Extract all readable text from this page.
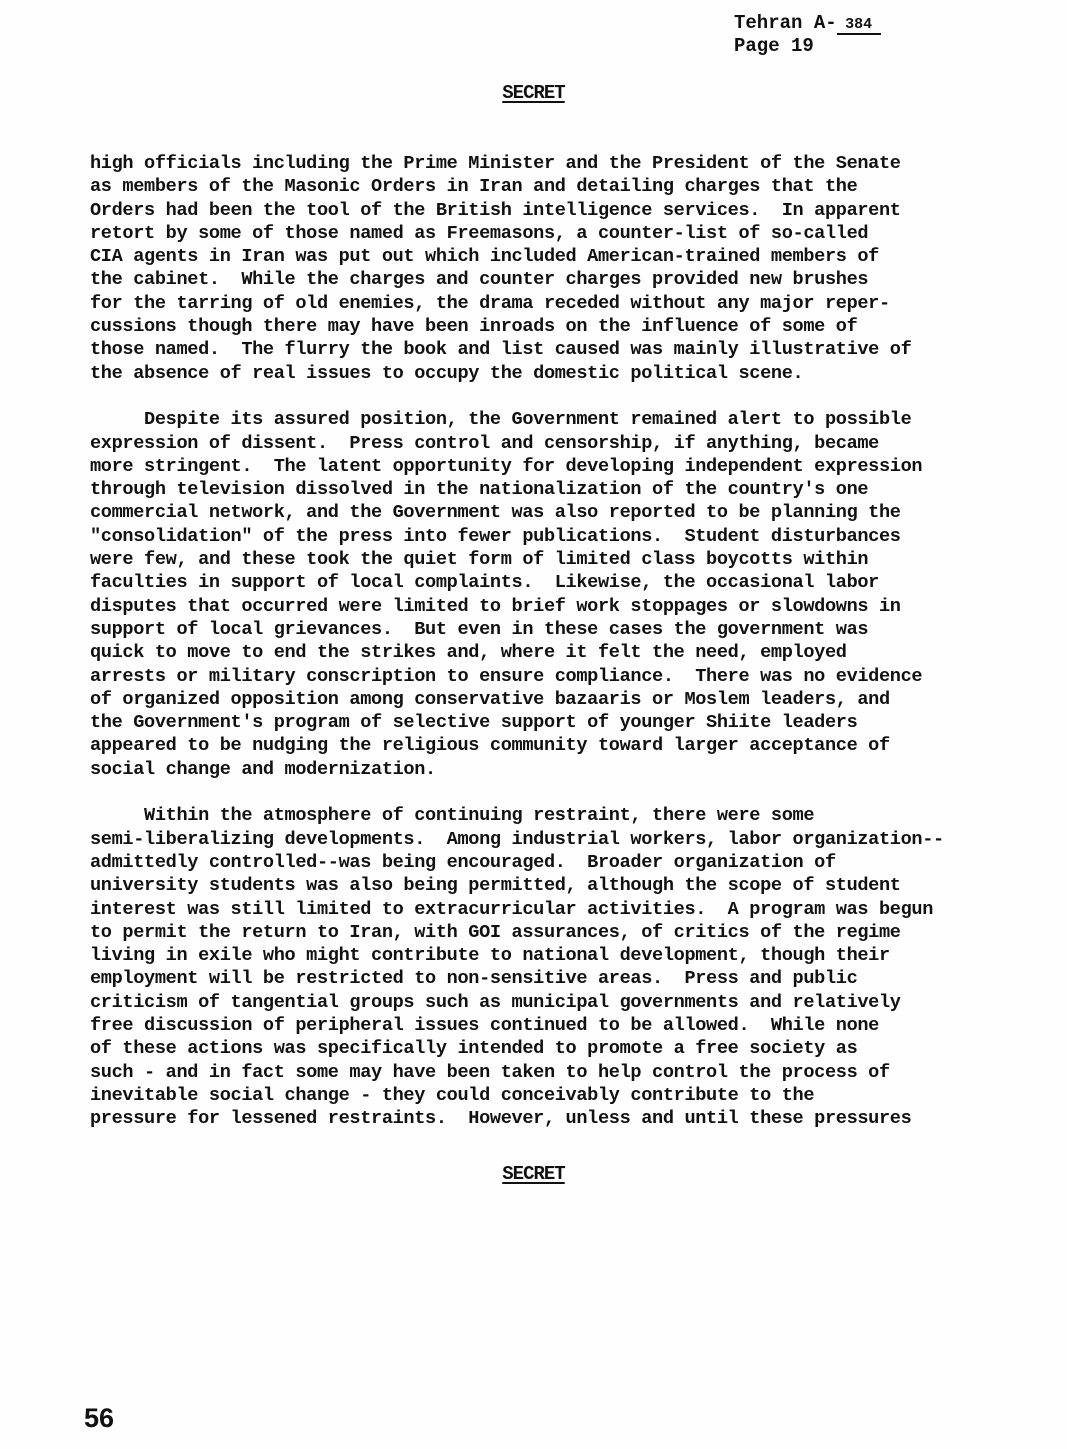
Tehran A- 384
Page 19
SECRET
high officials including the Prime Minister and the President of the Senate
as members of the Masonic Orders in Iran and detailing charges that the
Orders had been the tool of the British intelligence services.  In apparent
retort by some of those named as Freemasons, a counter-list of so-called
CIA agents in Iran was put out which included American-trained members of
the cabinet.  While the charges and counter charges provided new brushes
for the tarring of old enemies, the drama receded without any major reper-
cussions though there may have been inroads on the influence of some of
those named.  The flurry the book and list caused was mainly illustrative of
the absence of real issues to occupy the domestic political scene.
Despite its assured position, the Government remained alert to possible
expression of dissent.  Press control and censorship, if anything, became
more stringent.  The latent opportunity for developing independent expression
through television dissolved in the nationalization of the country's one
commercial network, and the Government was also reported to be planning the
"consolidation" of the press into fewer publications.  Student disturbances
were few, and these took the quiet form of limited class boycotts within
faculties in support of local complaints.  Likewise, the occasional labor
disputes that occurred were limited to brief work stoppages or slowdowns in
support of local grievances.  But even in these cases the government was
quick to move to end the strikes and, where it felt the need, employed
arrests or military conscription to ensure compliance.  There was no evidence
of organized opposition among conservative bazaaris or Moslem leaders, and
the Government's program of selective support of younger Shiite leaders
appeared to be nudging the religious community toward larger acceptance of
social change and modernization.
Within the atmosphere of continuing restraint, there were some
semi-liberalizing developments.  Among industrial workers, labor organization--
admittedly controlled--was being encouraged.  Broader organization of
university students was also being permitted, although the scope of student
interest was still limited to extracurricular activities.  A program was begun
to permit the return to Iran, with GOI assurances, of critics of the regime
living in exile who might contribute to national development, though their
employment will be restricted to non-sensitive areas.  Press and public
criticism of tangential groups such as municipal governments and relatively
free discussion of peripheral issues continued to be allowed.  While none
of these actions was specifically intended to promote a free society as
such - and in fact some may have been taken to help control the process of
inevitable social change - they could conceivably contribute to the
pressure for lessened restraints.  However, unless and until these pressures
SECRET
56
